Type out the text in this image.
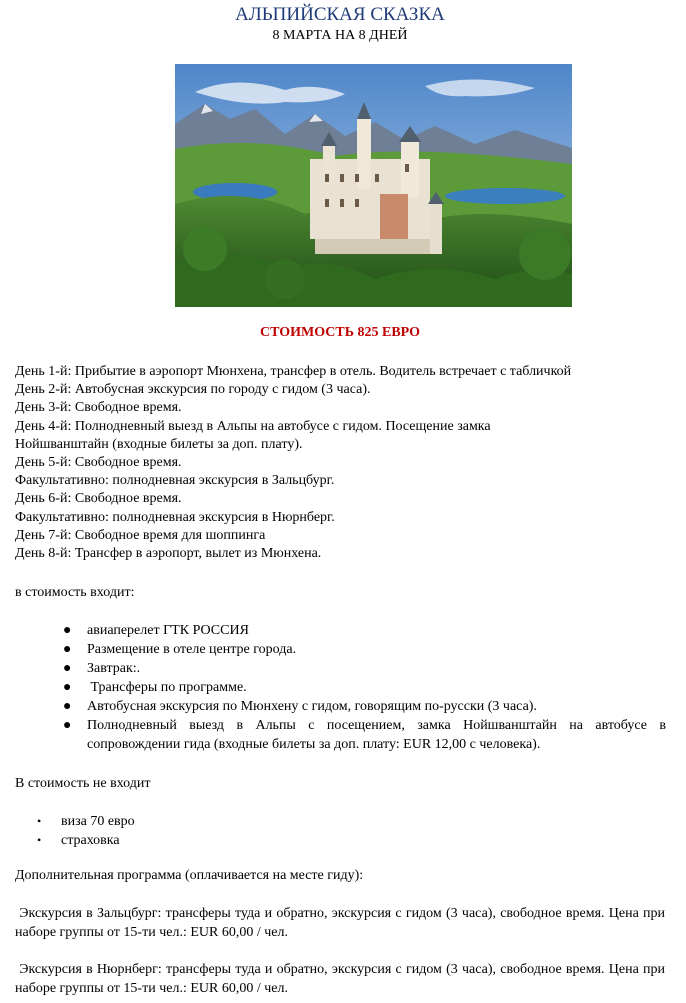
АЛЬПИЙСКАЯ СКАЗКА
8 МАРТА НА 8 ДНЕЙ
СТОИМОСТЬ 825 ЕВРО
День 1-й: Прибытие в аэропорт Мюнхена, трансфер в отель. Водитель встречает с табличкой
День 2-й: Автобусная экскурсия по городу с гидом (3 часа).
День 3-й: Свободное время.
День 4-й: Полнодневный выезд в Альпы на автобусе с гидом. Посещение замка
Нойшванштайн (входные билеты за доп. плату).
День 5-й: Свободное время.
Факультативно: полнодневная экскурсия в Зальцбург.
День 6-й: Свободное время.
Факультативно: полнодневная экскурсия в Нюрнберг.
День 7-й: Свободное время для шоппинга
День 8-й: Трансфер в аэропорт, вылет из Мюнхена.
в стоимость входит:
● авиаперелет ГТК РОССИЯ
● Размещение в отеле центре города.
● Завтрак:.
● Трансферы по программе.
● Автобусная экскурсия по Мюнхену с гидом, говорящим по-русски (3 часа).
● Полнодневный выезд в Альпы с посещением, замка Нойшванштайн на автобусе в сопровождении гида (входные билеты за доп. плату: EUR 12,00 с человека).
В стоимость не входит
• виза 70 евро
• страховка
Дополнительная программа (оплачивается на месте гиду):
Экскурсия в Зальцбург: трансферы туда и обратно, экскурсия с гидом (3 часа), свободное время. Цена при наборе группы от 15-ти чел.: EUR 60,00 / чел.
Экскурсия в Нюрнберг: трансферы туда и обратно, экскурсия с гидом (3 часа), свободное время. Цена при наборе группы от 15-ти чел.: EUR 60,00 / чел.
